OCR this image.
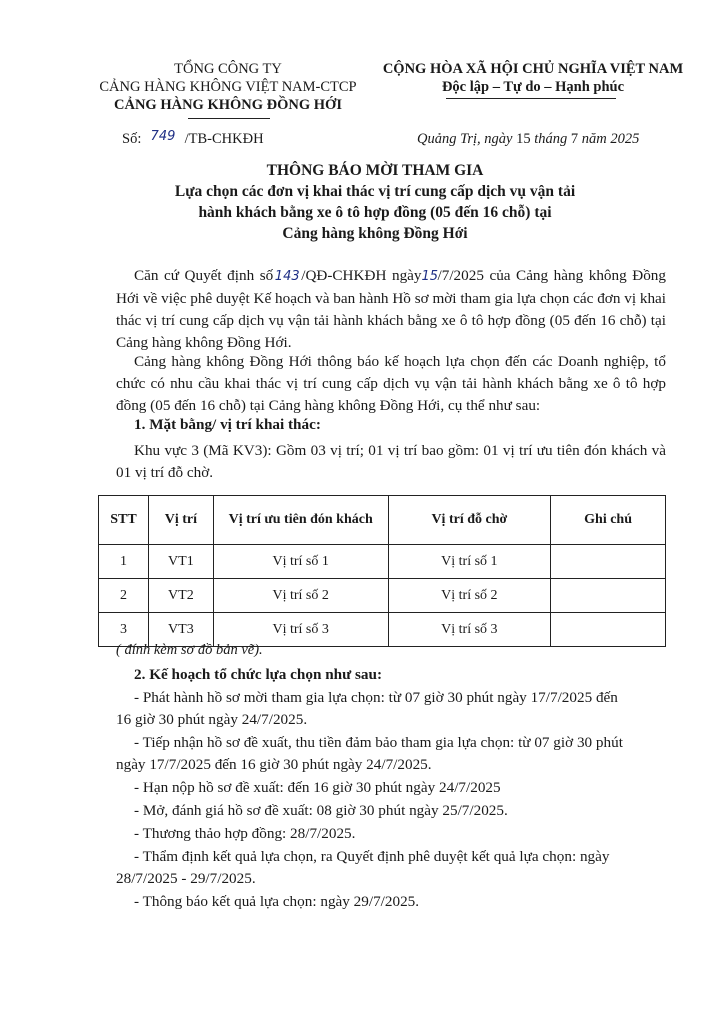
TỔNG CÔNG TY
CẢNG HÀNG KHÔNG VIỆT NAM-CTCP
CẢNG HÀNG KHÔNG ĐỒNG HỚI
CỘNG HÒA XÃ HỘI CHỦ NGHĨA VIỆT NAM
Độc lập – Tự do – Hạnh phúc
Số: 749 /TB-CHKĐH	Quảng Trị, ngày 15 tháng 7 năm 2025
THÔNG BÁO MỜI THAM GIA
Lựa chọn các đơn vị khai thác vị trí cung cấp dịch vụ vận tải
hành khách bằng xe ô tô hợp đồng (05 đến 16 chỗ) tại
Cảng hàng không Đồng Hới
Căn cứ Quyết định số 143 /QĐ-CHKĐH ngày15/7/2025 của Cảng hàng không Đồng Hới về việc phê duyệt Kế hoạch và ban hành Hồ sơ mời tham gia lựa chọn các đơn vị khai thác vị trí cung cấp dịch vụ vận tải hành khách bằng xe ô tô hợp đồng (05 đến 16 chỗ) tại Cảng hàng không Đồng Hới.
Cảng hàng không Đồng Hới thông báo kế hoạch lựa chọn đến các Doanh nghiệp, tổ chức có nhu cầu khai thác vị trí cung cấp dịch vụ vận tải hành khách bằng xe ô tô hợp đồng (05 đến 16 chỗ) tại Cảng hàng không Đồng Hới, cụ thể như sau:
1. Mặt bằng/ vị trí khai thác:
Khu vực 3 (Mã KV3): Gồm 03 vị trí; 01 vị trí bao gồm: 01 vị trí ưu tiên đón khách và 01 vị trí đỗ chờ.
STT	Vị trí	Vị trí ưu tiên đón khách	Vị trí đỗ chờ	Ghi chú
1	VT1	Vị trí số 1	Vị trí số 1	
2	VT2	Vị trí số 2	Vị trí số 2	
3	VT3	Vị trí số 3	Vị trí số 3	
( đính kèm sơ đồ bản vẽ).
2. Kế hoạch tổ chức lựa chọn như sau:
- Phát hành hồ sơ mời tham gia lựa chọn: từ 07 giờ 30 phút ngày 17/7/2025 đến
16 giờ 30 phút ngày 24/7/2025.
- Tiếp nhận hồ sơ đề xuất, thu tiền đảm bảo tham gia lựa chọn: từ 07 giờ 30 phút
ngày 17/7/2025 đến 16 giờ 30 phút ngày 24/7/2025.
- Hạn nộp hồ sơ đề xuất: đến 16 giờ 30 phút ngày 24/7/2025
- Mở, đánh giá hồ sơ đề xuất: 08 giờ 30 phút ngày 25/7/2025.
- Thương thảo hợp đồng: 28/7/2025.
- Thẩm định kết quả lựa chọn, ra Quyết định phê duyệt kết quả lựa chọn: ngày
28/7/2025 - 29/7/2025.
- Thông báo kết quả lựa chọn: ngày 29/7/2025.
